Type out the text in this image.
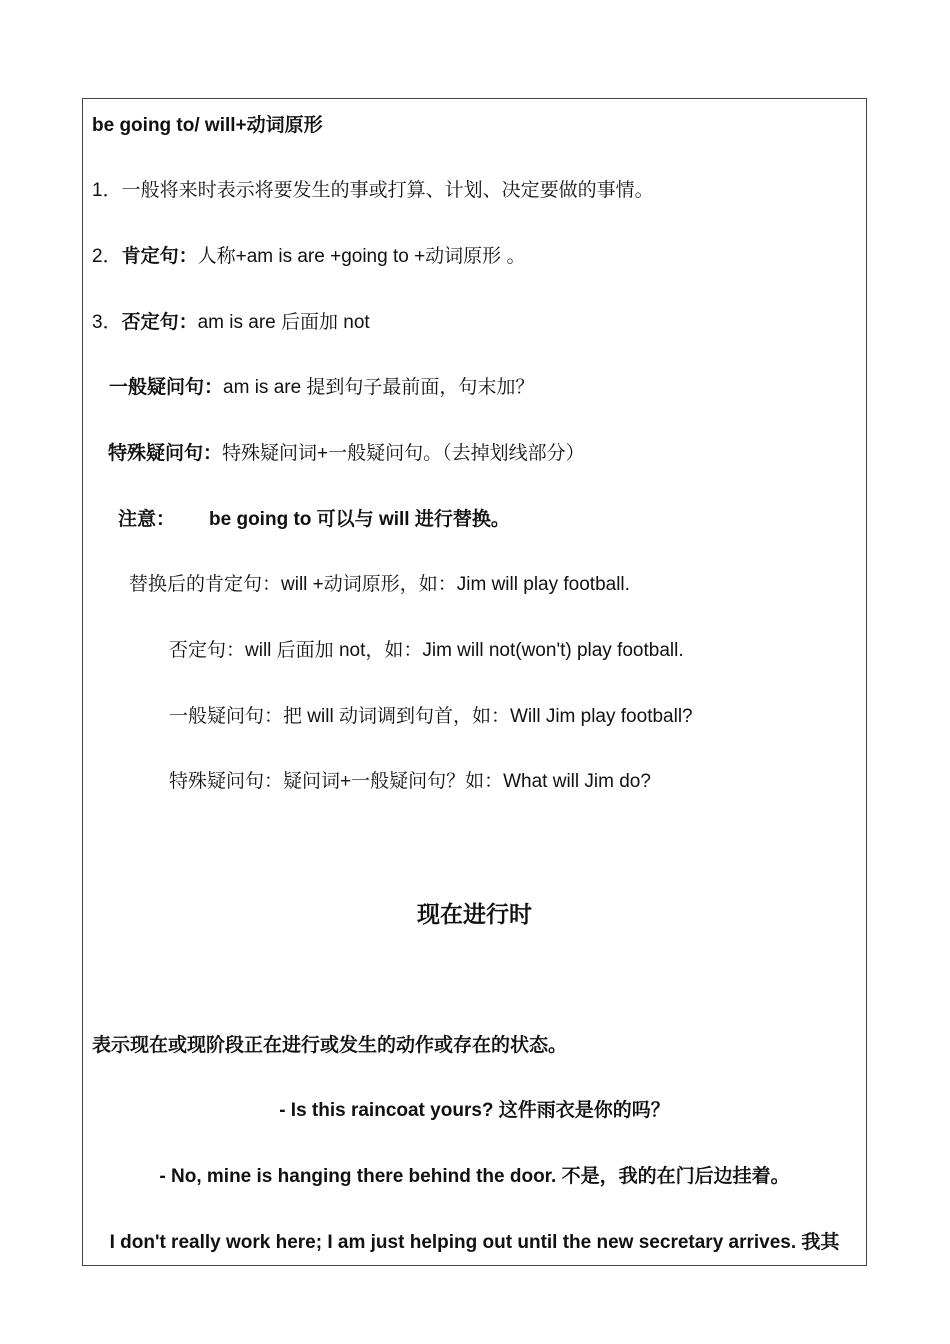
be going to/ will+动词原形
1．一般将来时表示将要发生的事或打算、计划、决定要做的事情。
2．肯定句：人称+am is are +going to +动词原形 。
3．否定句：am is are 后面加 not
一般疑问句：am is are 提到句子最前面，句末加？
特殊疑问句：特殊疑问词+一般疑问句。（去掉划线部分）
注意： be going to 可以与 will 进行替换。
替换后的肯定句：will +动词原形，如：Jim will play football.
否定句：will 后面加 not，如：Jim will not(won't) play football.
一般疑问句：把 will 动词调到句首，如：Will Jim play football?
特殊疑问句：疑问词+一般疑问句？如：What will Jim do?
现在进行时
表示现在或现阶段正在进行或发生的动作或存在的状态。
- Is this raincoat yours? 这件雨衣是你的吗？
- No, mine is hanging there behind the door. 不是，我的在门后边挂着。
I don't really work here; I am just helping out until the new secretary arrives. 我其
